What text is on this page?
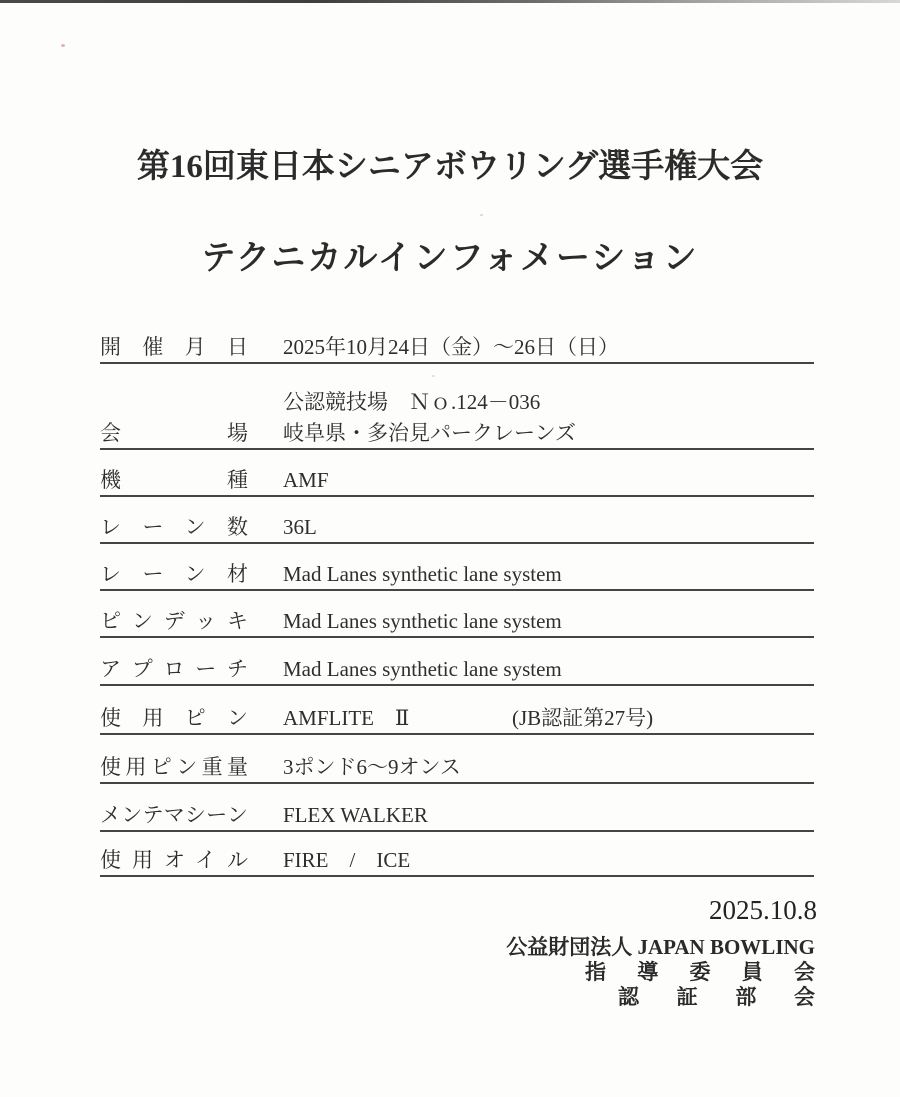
第16回東日本シニアボウリング選手権大会
テクニカルインフォメーション
開催月日 2025年10月24日（金）～26日（日）
公認競技場　Ｎｏ.124－036
会場 岐阜県・多治見パークレーンズ
機種 AMF
レーン数 36L
レーン材 Mad Lanes synthetic lane system
ピンデッキ Mad Lanes synthetic lane system
アプローチ Mad Lanes synthetic lane system
使用ピン AMFLITE　Ⅱ	(JB認証第27号)
使用ピン重量 3ポンド6～9オンス
メンテマシーン FLEX WALKER
使用オイル FIRE　/　ICE
2025.10.8
公益財団法人 JAPAN BOWLING
指導委員会
認証部会
